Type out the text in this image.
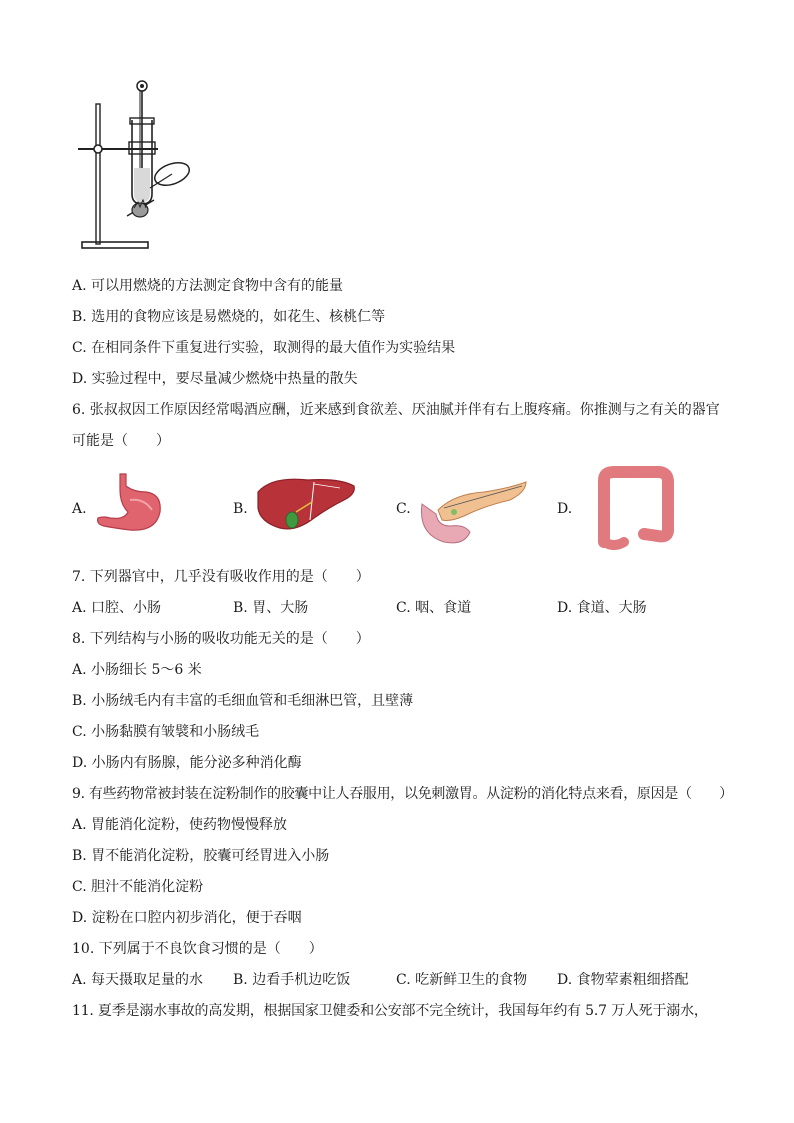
A. 可以用燃烧的方法测定食物中含有的能量
B. 选用的食物应该是易燃烧的，如花生、核桃仁等
C. 在相同条件下重复进行实验，取测得的最大值作为实验结果
D. 实验过程中，要尽量减少燃烧中热量的散失
6. 张叔叔因工作原因经常喝酒应酬，近来感到食欲差、厌油腻并伴有右上腹疼痛。你推测与之有关的器官
可能是（　　）
A.	B.	C.	D.
7. 下列器官中，几乎没有吸收作用的是（　　）
A. 口腔、小肠	B. 胃、大肠	C. 咽、食道	D. 食道、大肠
8. 下列结构与小肠的吸收功能无关的是（　　）
A. 小肠细长 5～6 米
B. 小肠绒毛内有丰富的毛细血管和毛细淋巴管，且壁薄
C. 小肠黏膜有皱襞和小肠绒毛
D. 小肠内有肠腺，能分泌多种消化酶
9. 有些药物常被封装在淀粉制作的胶囊中让人吞服用，以免刺激胃。从淀粉的消化特点来看，原因是（　　）
A. 胃能消化淀粉，使药物慢慢释放
B. 胃不能消化淀粉，胶囊可经胃进入小肠
C. 胆汁不能消化淀粉
D. 淀粉在口腔内初步消化，便于吞咽
10. 下列属于不良饮食习惯的是（　　）
A. 每天摄取足量的水 B. 边看手机边吃饭	C. 吃新鲜卫生的食物 D. 食物荤素粗细搭配
11. 夏季是溺水事故的高发期，根据国家卫健委和公安部不完全统计，我国每年约有 5.7 万人死于溺水，
